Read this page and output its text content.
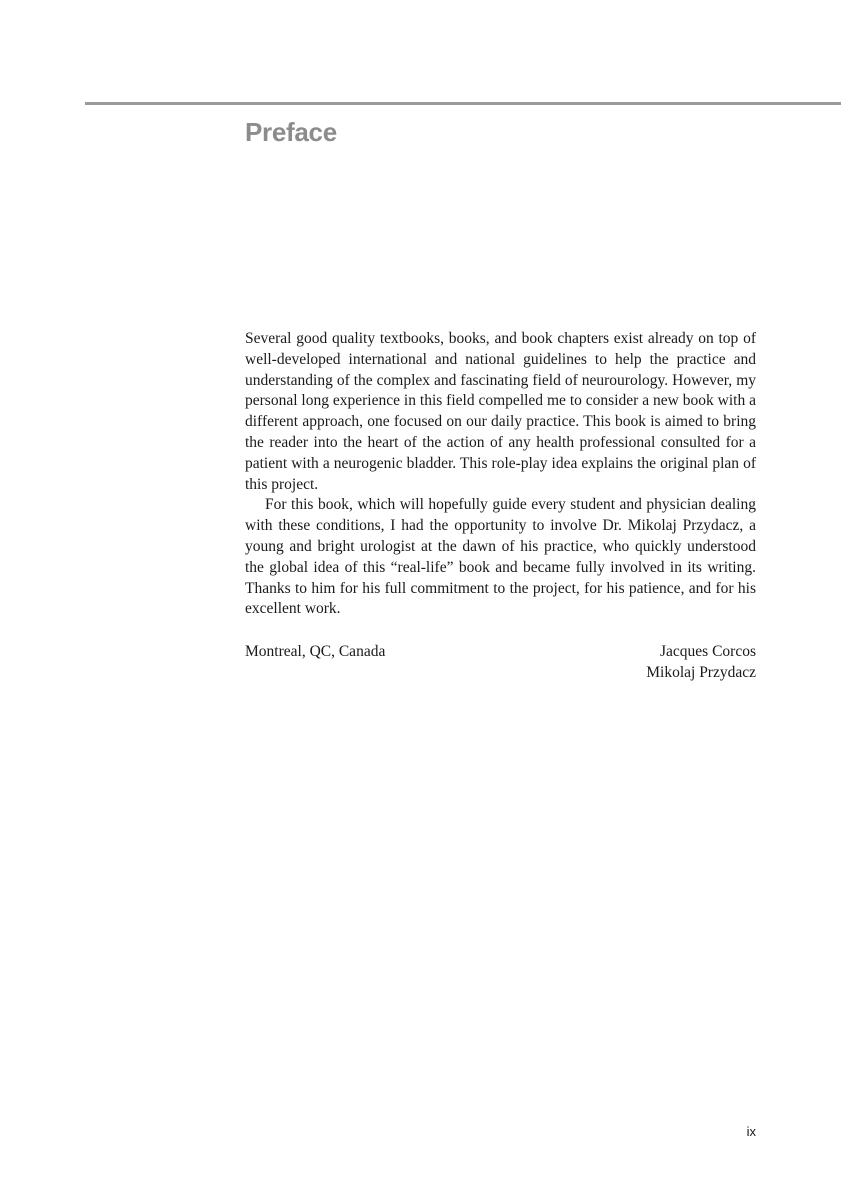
Preface

Several good quality textbooks, books, and book chapters exist already on top of well-developed international and national guidelines to help the practice and understanding of the complex and fascinating field of neurourology. However, my personal long experience in this field compelled me to consider a new book with a different approach, one focused on our daily practice. This book is aimed to bring the reader into the heart of the action of any health professional consulted for a patient with a neurogenic bladder. This role-play idea explains the original plan of this project.

For this book, which will hopefully guide every student and physician dealing with these conditions, I had the opportunity to involve Dr. Mikolaj Przydacz, a young and bright urologist at the dawn of his practice, who quickly understood the global idea of this “real-life” book and became fully involved in its writing. Thanks to him for his full commitment to the project, for his patience, and for his excellent work.

Montreal, QC, Canada	Jacques Corcos
Mikolaj Przydacz
ix
